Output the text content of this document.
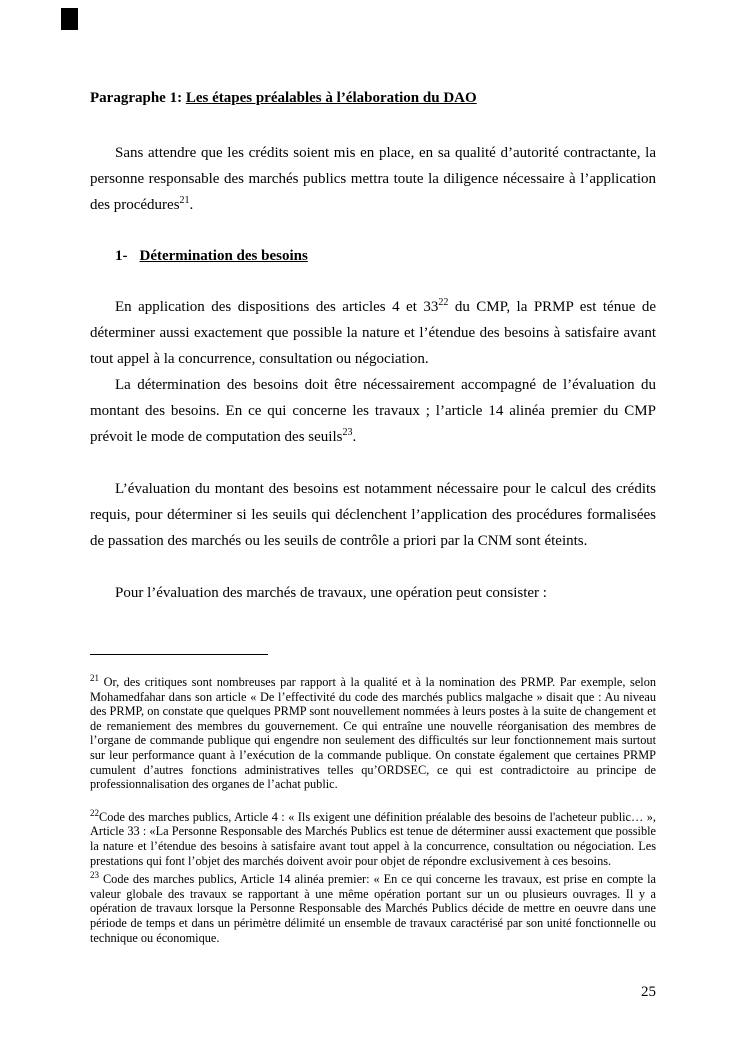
Paragraphe 1: Les étapes préalables à l’élaboration du DAO

Sans attendre que les crédits soient mis en place, en sa qualité d’autorité contractante, la personne responsable des marchés publics mettra toute la diligence nécessaire à l’application des procédures$^{21}$.

1- Détermination des besoins

En application des dispositions des articles 4 et $33^{22}$ du CMP, la PRMP est ténue de déterminer aussi exactement que possible la nature et l’étendue des besoins à satisfaire avant tout appel à la concurrence, consultation ou négociation.

La détermination des besoins doit être nécessairement accompagné de l’évaluation du montant des besoins. En ce qui concerne les travaux ; l’article 14 alinéa premier du CMP prévoit le mode de computation des seuils$^{23}$.

L’évaluation du montant des besoins est notamment nécessaire pour le calcul des crédits requis, pour déterminer si les seuils qui déclenchent l’application des procédures formalisées de passation des marchés ou les seuils de contrôle a priori par la CNM sont éteints.

Pour l’évaluation des marchés de travaux, une opération peut consister :

$^{21}$ Or, des critiques sont nombreuses par rapport à la qualité et à la nomination des PRMP. Par exemple, selon Mohamedfahar dans son article « De l’effectivité du code des marchés publics malgache » disait que : Au niveau des PRMP, on constate que quelques PRMP sont nouvellement nommées à leurs postes à la suite de changement et de remaniement des membres du gouvernement. Ce qui entraîne une nouvelle réorganisation des membres de l’organe de commande publique qui engendre non seulement des difficultés sur leur fonctionnement mais surtout sur leur performance quant à l’exécution de la commande publique. On constate également que certaines PRMP cumulent d’autres fonctions administratives telles qu’ORDSEC, ce qui est contradictoire au principe de professionnalisation des organes de l’achat public.

$^{22}$Code des marches publics, Article 4 : « Ils exigent une définition préalable des besoins de l'acheteur public… », Article 33 : «La Personne Responsable des Marchés Publics est tenue de déterminer aussi exactement que possible la nature et l’étendue des besoins à satisfaire avant tout appel à la concurrence, consultation ou négociation. Les prestations qui font l’objet des marchés doivent avoir pour objet de répondre exclusivement à ces besoins.

$^{23}$ Code des marches publics, Article 14 alinéa premier: « En ce qui concerne les travaux, est prise en compte la valeur globale des travaux se rapportant à une même opération portant sur un ou plusieurs ouvrages. Il y a opération de travaux lorsque la Personne Responsable des Marchés Publics décide de mettre en oeuvre dans une période de temps et dans un périmètre délimité un ensemble de travaux caractérisé par son unité fonctionnelle ou technique ou économique.

25
